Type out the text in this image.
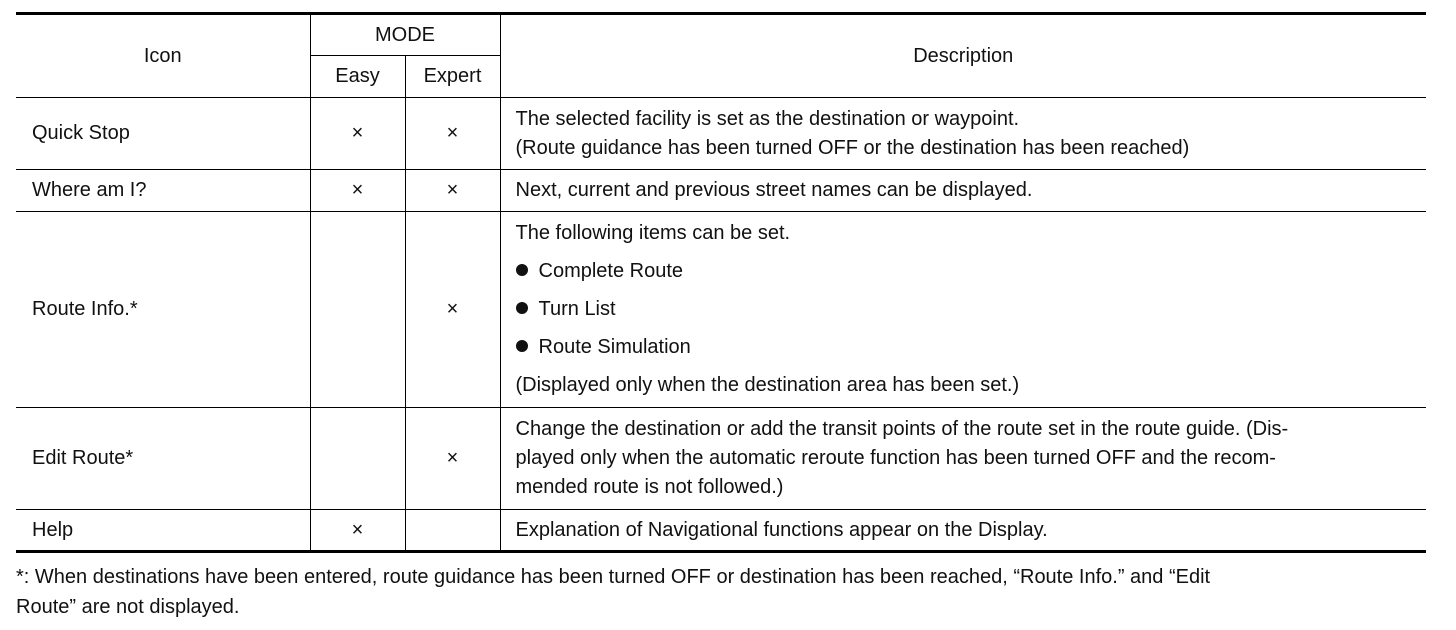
Icon	MODE		Description
	Easy	Expert	
Quick Stop	×	×	The selected facility is set as the destination or waypoint.
(Route guidance has been turned OFF or the destination has been reached)

Where am I?	×	×	Next, current and previous street names can be displayed.

Route Info.*		×	The following items can be set.
Complete Route
Turn List
Route Simulation
(Displayed only when the destination area has been set.)

Edit Route*		×	Change the destination or add the transit points of the route set in the route guide. (Dis-
played only when the automatic reroute function has been turned OFF and the recom-
mended route is not followed.)

Help	×		Explanation of Navigational functions appear on the Display.
*: When destinations have been entered, route guidance has been turned OFF or destination has been reached, “Route Info.” and “Edit
Route” are not displayed.
